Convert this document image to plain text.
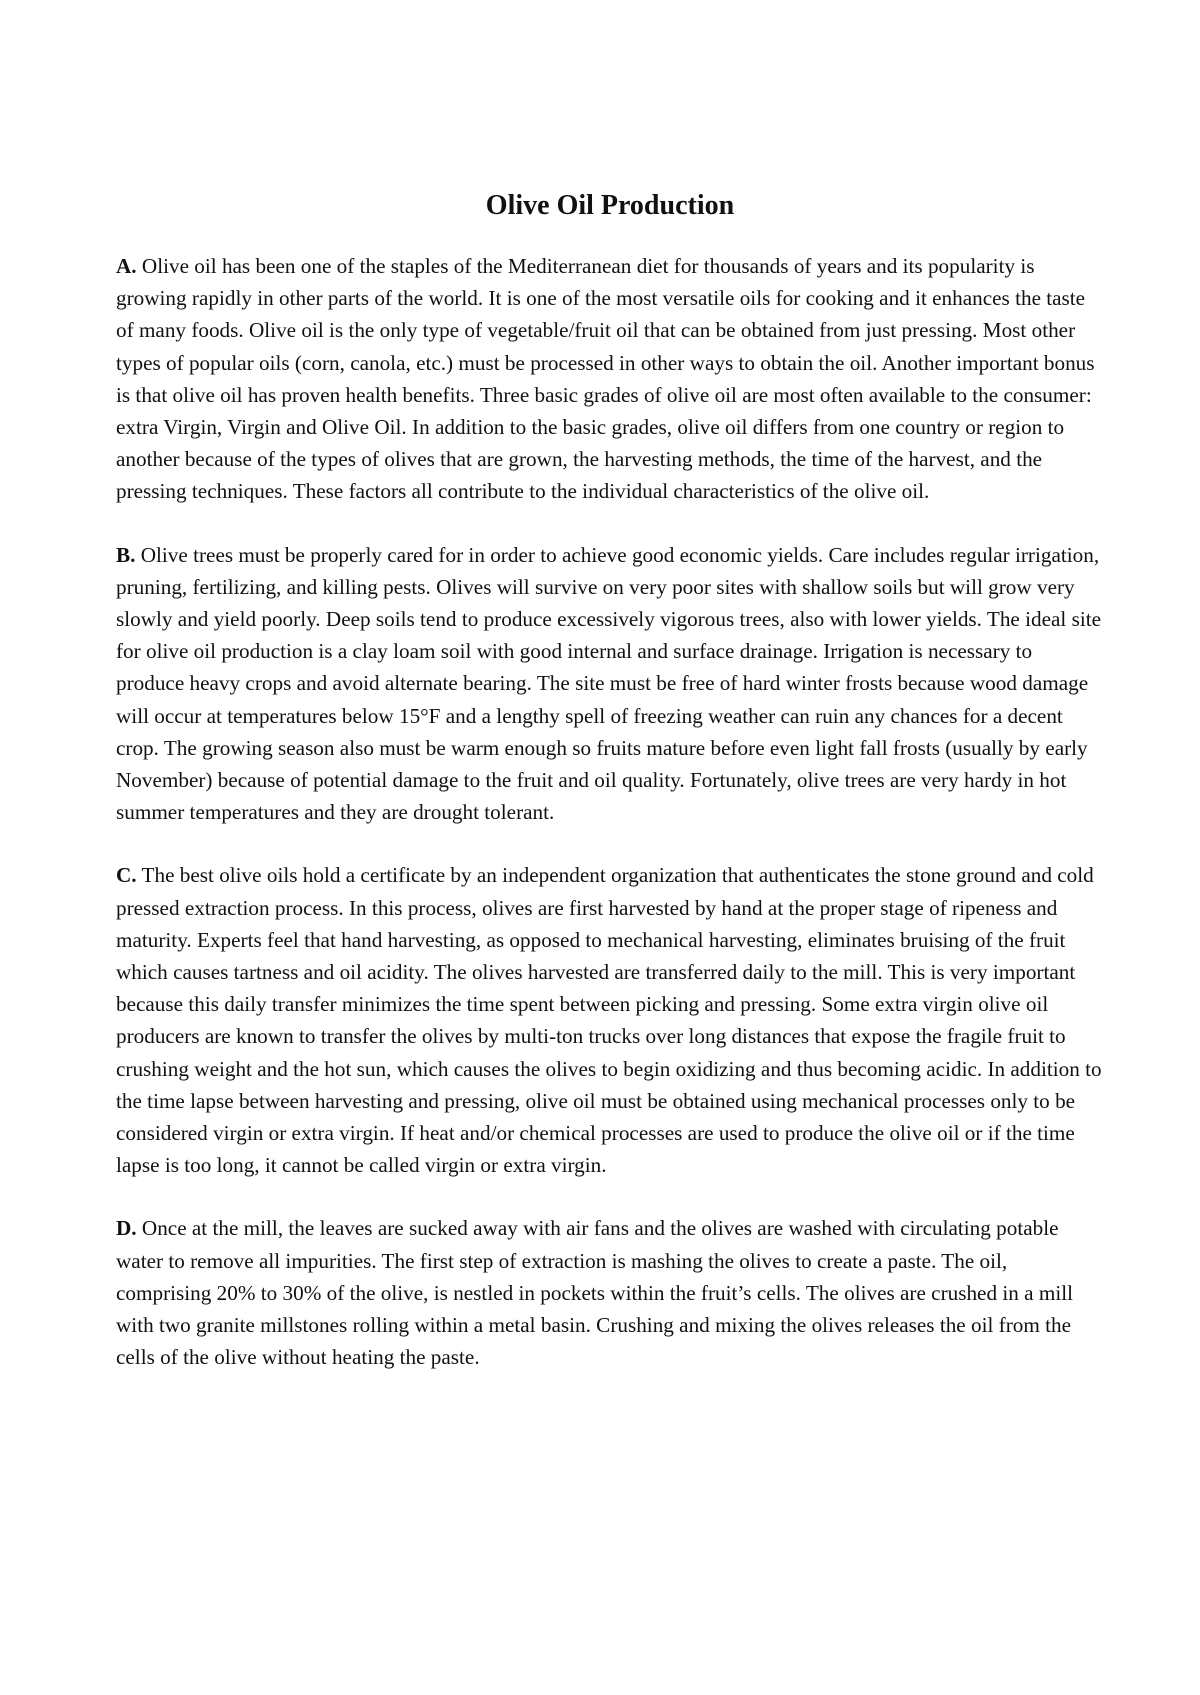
Olive Oil Production

A. Olive oil has been one of the staples of the Mediterranean diet for thousands of years and its popularity is growing rapidly in other parts of the world. It is one of the most versatile oils for cooking and it enhances the taste of many foods. Olive oil is the only type of vegetable/fruit oil that can be obtained from just pressing. Most other types of popular oils (corn, canola, etc.) must be processed in other ways to obtain the oil. Another important bonus is that olive oil has proven health benefits. Three basic grades of olive oil are most often available to the consumer: extra Virgin, Virgin and Olive Oil. In addition to the basic grades, olive oil differs from one country or region to another because of the types of olives that are grown, the harvesting methods, the time of the harvest, and the pressing techniques. These factors all contribute to the individual characteristics of the olive oil.

B. Olive trees must be properly cared for in order to achieve good economic yields. Care includes regular irrigation, pruning, fertilizing, and killing pests. Olives will survive on very poor sites with shallow soils but will grow very slowly and yield poorly. Deep soils tend to produce excessively vigorous trees, also with lower yields. The ideal site for olive oil production is a clay loam soil with good internal and surface drainage. Irrigation is necessary to produce heavy crops and avoid alternate bearing. The site must be free of hard winter frosts because wood damage will occur at temperatures below 15°F and a lengthy spell of freezing weather can ruin any chances for a decent crop. The growing season also must be warm enough so fruits mature before even light fall frosts (usually by early November) because of potential damage to the fruit and oil quality. Fortunately, olive trees are very hardy in hot summer temperatures and they are drought tolerant.

C. The best olive oils hold a certificate by an independent organization that authenticates the stone ground and cold pressed extraction process. In this process, olives are first harvested by hand at the proper stage of ripeness and maturity. Experts feel that hand harvesting, as opposed to mechanical harvesting, eliminates bruising of the fruit which causes tartness and oil acidity. The olives harvested are transferred daily to the mill. This is very important because this daily transfer minimizes the time spent between picking and pressing. Some extra virgin olive oil producers are known to transfer the olives by multi-ton trucks over long distances that expose the fragile fruit to crushing weight and the hot sun, which causes the olives to begin oxidizing and thus becoming acidic. In addition to the time lapse between harvesting and pressing, olive oil must be obtained using mechanical processes only to be considered virgin or extra virgin. If heat and/or chemical processes are used to produce the olive oil or if the time lapse is too long, it cannot be called virgin or extra virgin.

D. Once at the mill, the leaves are sucked away with air fans and the olives are washed with circulating potable water to remove all impurities. The first step of extraction is mashing the olives to create a paste. The oil, comprising 20% to 30% of the olive, is nestled in pockets within the fruit’s cells. The olives are crushed in a mill with two granite millstones rolling within a metal basin. Crushing and mixing the olives releases the oil from the cells of the olive without heating the paste.
